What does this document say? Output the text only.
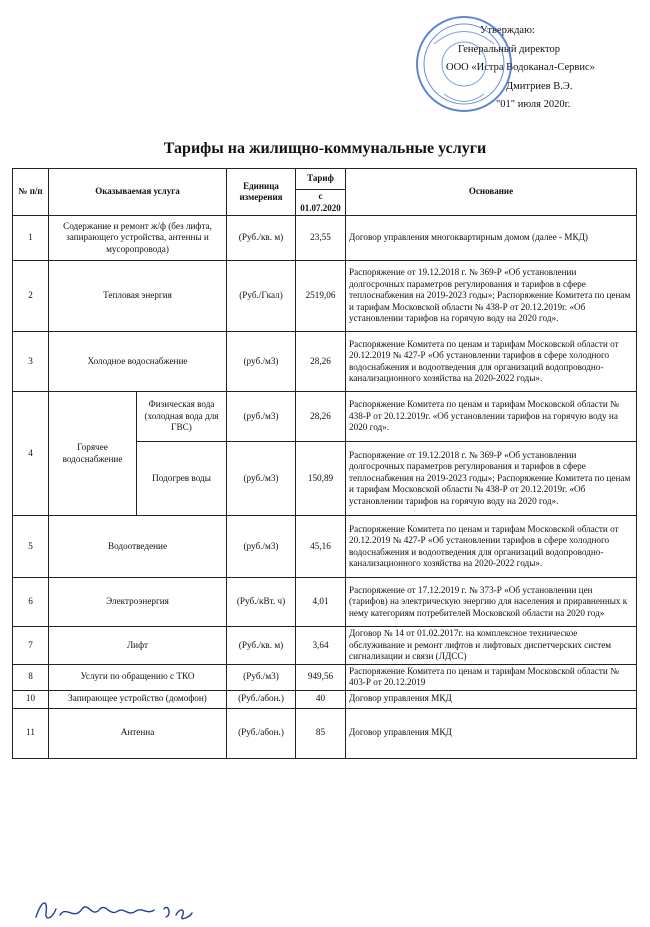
Утверждаю:
Генеральный директор
ООО «Истра Водоканал-Сервис»
Дмитриев В.Э.
"01" июля 2020г.
Тарифы на жилищно-коммунальные услуги
№ п/п	Оказываемая услуга		Единица измерения	Тариф	Основание
				с 01.07.2020	
1	Содержание и ремонт ж/ф (без лифта, запирающего устройства, антенны и мусоропровода)		(Руб./кв. м)	23,55	Договор управления многоквартирным домом (далее - МКД)
2	Тепловая энергия		(Руб./Гкал)	2519,06	Распоряжение от 19.12.2018 г. № 369-Р «Об установлении долгосрочных параметров регулирования и тарифов в сфере теплоснабжения на 2019-2023 годы»; Распоряжение Комитета по ценам и тарифам Московской области № 438-Р от 20.12.2019г. «Об установлении тарифов на горячую воду на 2020 год».
3	Холодное водоснабжение		(руб./м3)	28,26	Распоряжение Комитета по ценам и тарифам Московской области от 20.12.2019 № 427-Р «Об установлении тарифов в сфере холодного водоснабжения и водоотведения для организаций водопроводно-канализационного хозяйства на 2020-2022 годы».
4	Горячее водоснабжение	Физическая вода (холодная вода для ГВС)	(руб./м3)	28,26	Распоряжение Комитета по ценам и тарифам Московской области № 438-Р от 20.12.2019г. «Об установлении тарифов на горячую воду на 2020 год».
		Подогрев воды	(руб./м3)	150,89	Распоряжение от 19.12.2018 г. № 369-Р «Об установлении долгосрочных параметров регулирования и тарифов в сфере теплоснабжения на 2019-2023 годы»; Распоряжение Комитета по ценам и тарифам Московской области № 438-Р от 20.12.2019г. «Об установлении тарифов на горячую воду на 2020 год».
5	Водоотведение		(руб./м3)	45,16	Распоряжение Комитета по ценам и тарифам Московской области от 20.12.2019 № 427-Р «Об установлении тарифов в сфере холодного водоснабжения и водоотведения для организаций водопроводно-канализационного хозяйства на 2020-2022 годы».
6	Электроэнергия		(Руб./кВт. ч)	4,01	Распоряжение от 17.12.2019 г. № 373-Р «Об установлении цен (тарифов) на электрическую энергию для населения и приравненных к нему категориям потребителей Московской области на 2020 год»
7	Лифт		(Руб./кв. м)	3,64	Договор № 14 от 01.02.2017г. на комплексное техническое обслуживание и ремонт лифтов и лифтовых диспетчерских систем сигнализации и связи (ЛДСС)
8	Услуги по обращению с ТКО		(Руб./м3)	949,56	Распоряжение Комитета по ценам и тарифам Московской области № 403-Р от 20.12.2019
10	Запирающее устройство (домофон)		(Руб./абон.)	40	Договор управления МКД
11	Антенна		(Руб./абон.)	85	Договор управления МКД
